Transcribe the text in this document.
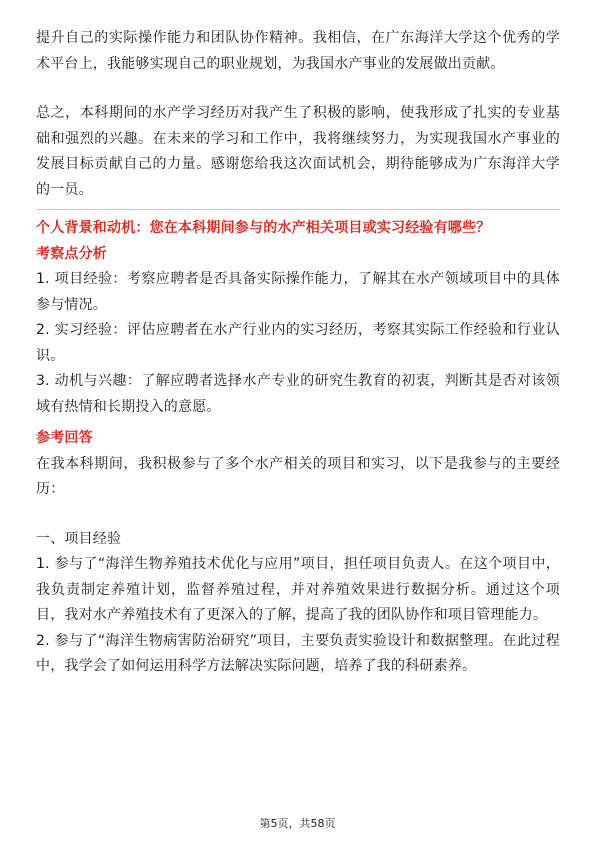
提升自己的实际操作能力和团队协作精神。我相信，在广东海洋大学这个优秀的学术平台上，我能够实现自己的职业规划，为我国水产事业的发展做出贡献。

总之，本科期间的水产学习经历对我产生了积极的影响，使我形成了扎实的专业基础和强烈的兴趣。在未来的学习和工作中，我将继续努力，为实现我国水产事业的发展目标贡献自己的力量。感谢您给我这次面试机会，期待能够成为广东海洋大学的一员。

个人背景和动机：您在本科期间参与的水产相关项目或实习经验有哪些？

考察点分析

1. 项目经验：考察应聘者是否具备实际操作能力，了解其在水产领域项目中的具体参与情况。

2. 实习经验：评估应聘者在水产行业内的实习经历，考察其实际工作经验和行业认识。

3. 动机与兴趣：了解应聘者选择水产专业的研究生教育的初衷，判断其是否对该领域有热情和长期投入的意愿。

参考回答

在我本科期间，我积极参与了多个水产相关的项目和实习，以下是我参与的主要经历：

一、项目经验

1. 参与了“海洋生物养殖技术优化与应用”项目，担任项目负责人。在这个项目中，我负责制定养殖计划，监督养殖过程，并对养殖效果进行数据分析。通过这个项目，我对水产养殖技术有了更深入的了解，提高了我的团队协作和项目管理能力。

2. 参与了“海洋生物病害防治研究”项目，主要负责实验设计和数据整理。在此过程中，我学会了如何运用科学方法解决实际问题，培养了我的科研素养。

第5页，共58页
